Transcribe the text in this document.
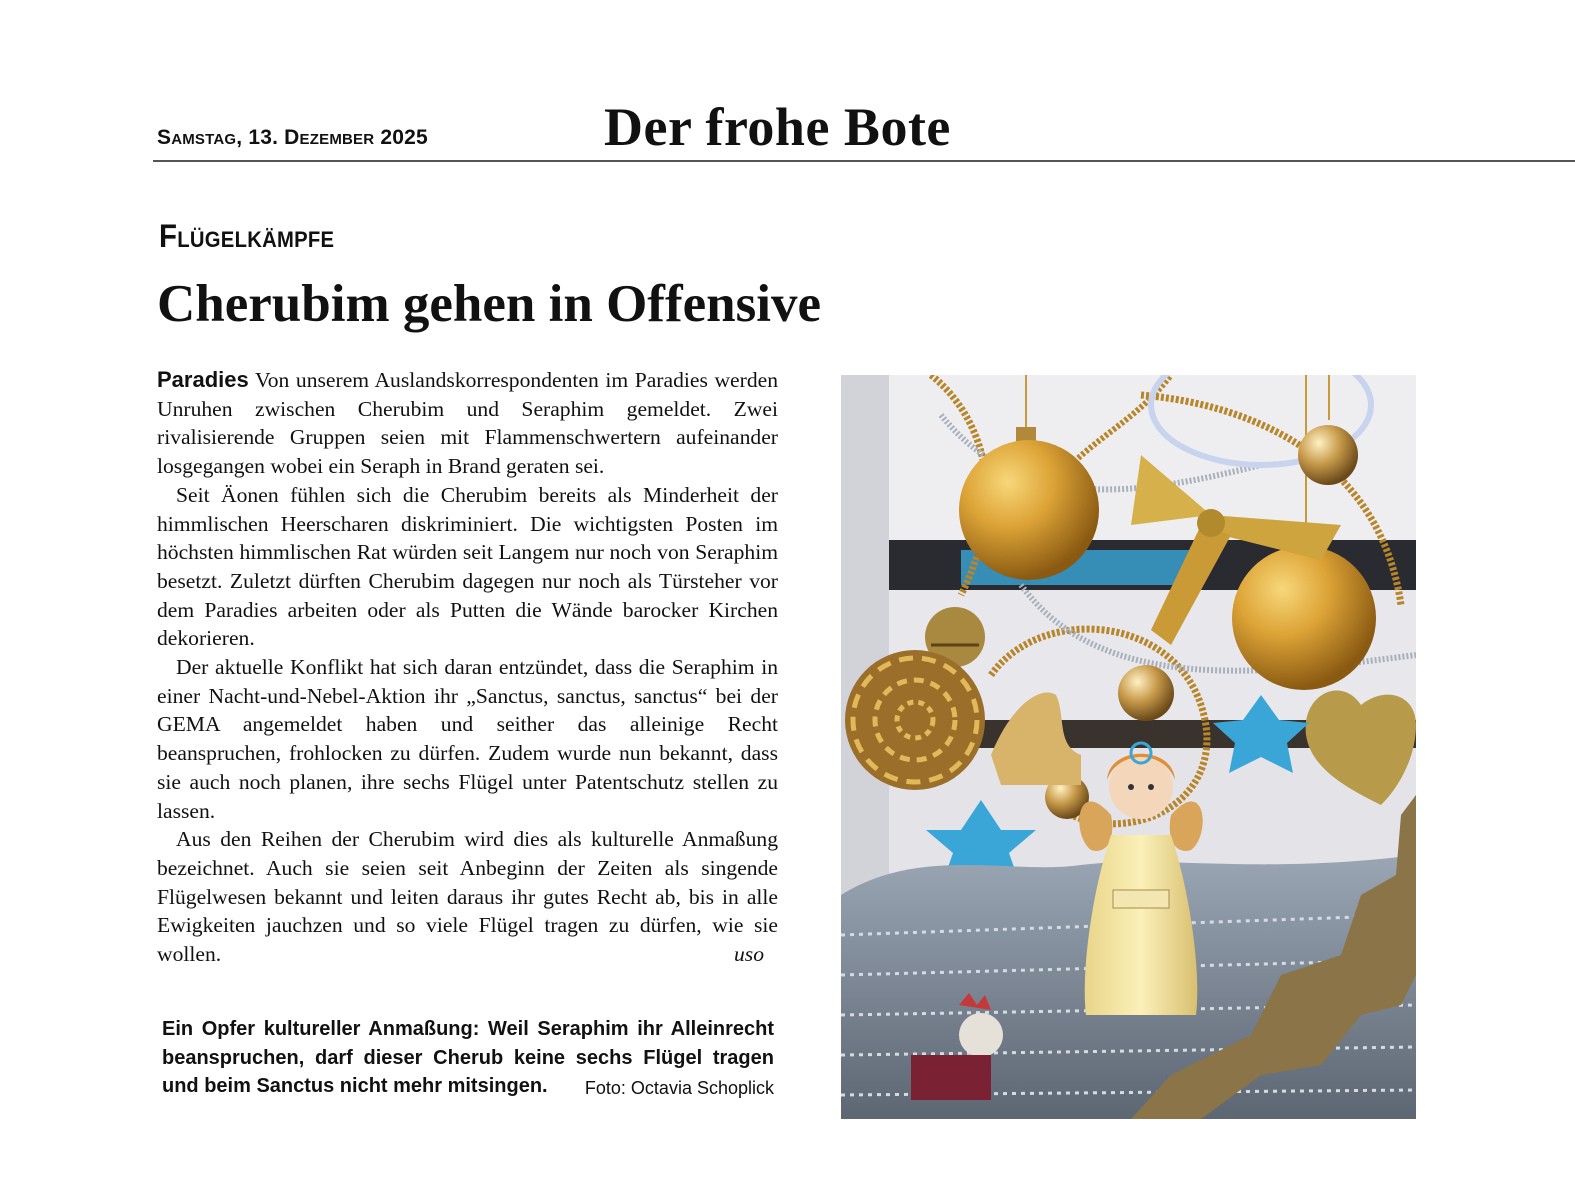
Samstag, 13. Dezember 2025	Der frohe Bote
Flügelkämpfe
Cherubim gehen in Offensive

Paradies Von unserem Auslandskorrespondenten im Paradies werden Unruhen zwischen Cherubim und Seraphim gemeldet. Zwei rivalisierende Gruppen seien mit Flammenschwertern aufeinander losgegangen wobei ein Seraph in Brand geraten sei.

Seit Äonen fühlen sich die Cherubim bereits als Minderheit der himmlischen Heerscharen diskriminiert. Die wichtigsten Posten im höchsten himmlischen Rat würden seit Langem nur noch von Seraphim besetzt. Zuletzt dürften Cherubim dagegen nur noch als Türsteher vor dem Paradies arbeiten oder als Putten die Wände barocker Kirchen dekorieren.

Der aktuelle Konflikt hat sich daran entzündet, dass die Seraphim in einer Nacht-und-Nebel-Aktion ihr „Sanctus, sanctus, sanctus“ bei der GEMA angemeldet haben und seither das alleinige Recht beanspruchen, frohlocken zu dürfen. Zudem wurde nun bekannt, dass sie auch noch planen, ihre sechs Flügel unter Patentschutz stellen zu lassen.

Aus den Reihen der Cherubim wird dies als kulturelle Anmaßung bezeichnet. Auch sie seien seit Anbeginn der Zeiten als singende Flügelwesen bekannt und leiten daraus ihr gutes Recht ab, bis in alle Ewigkeiten jauchzen und so viele Flügel tragen zu dürfen, wie sie wollen.	uso
Ein Opfer kultureller Anmaßung: Weil Seraphim ihr Alleinrecht beanspruchen, darf dieser Cherub keine sechs Flügel tragen und beim Sanctus nicht mehr mitsingen. Foto: Octavia Schoplick
